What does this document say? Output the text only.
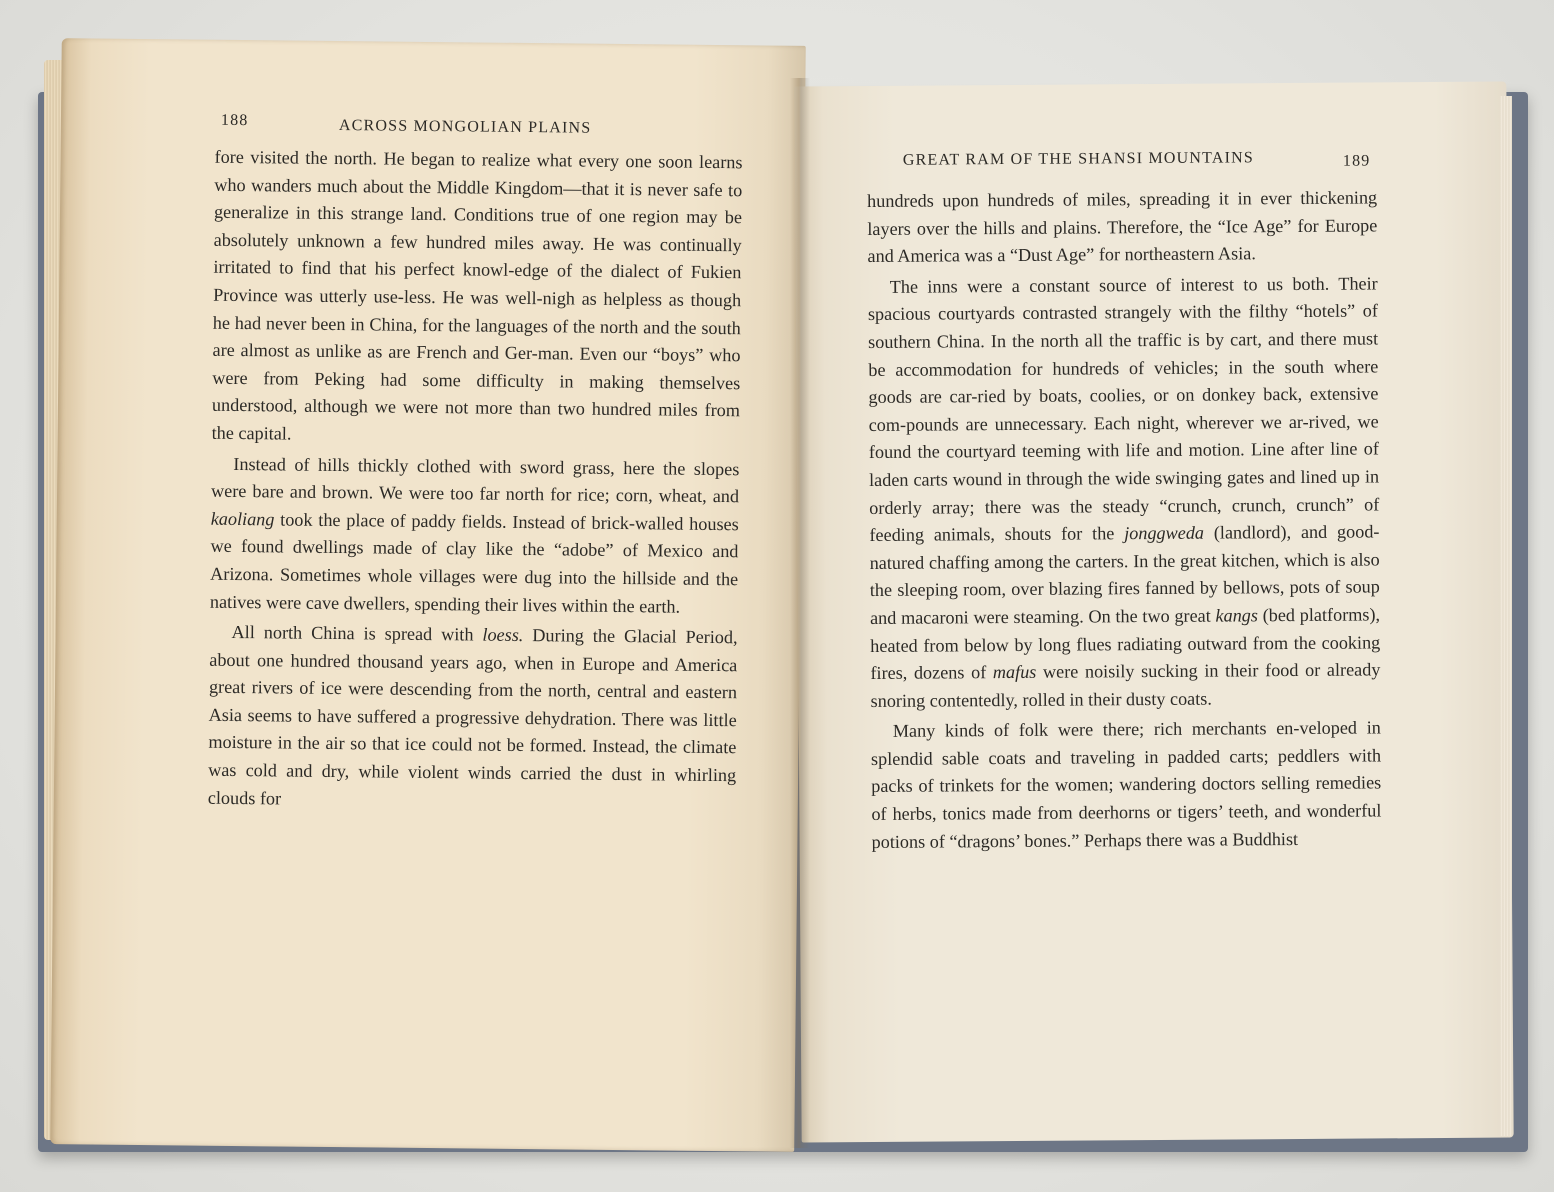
188	ACROSS MONGOLIAN PLAINS

fore visited the north. He began to realize what every one soon learns who wanders much about the Middle Kingdom—that it is never safe to generalize in this strange land. Conditions true of one region may be absolutely unknown a few hundred miles away. He was continually irritated to find that his perfect knowl-edge of the dialect of Fukien Province was utterly use-less. He was well-nigh as helpless as though he had never been in China, for the languages of the north and the south are almost as unlike as are French and Ger-man. Even our “boys” who were from Peking had some difficulty in making themselves understood, although we were not more than two hundred miles from the capital.

Instead of hills thickly clothed with sword grass, here the slopes were bare and brown. We were too far north for rice; corn, wheat, and kaoliang took the place of paddy fields. Instead of brick-walled houses we found dwellings made of clay like the “adobe” of Mexico and Arizona. Sometimes whole villages were dug into the hillside and the natives were cave dwellers, spending their lives within the earth.

All north China is spread with loess. During the Glacial Period, about one hundred thousand years ago, when in Europe and America great rivers of ice were descending from the north, central and eastern Asia seems to have suffered a progressive dehydration. There was little moisture in the air so that ice could not be formed. Instead, the climate was cold and dry, while violent winds carried the dust in whirling clouds for

GREAT RAM OF THE SHANSI MOUNTAINS	189

hundreds upon hundreds of miles, spreading it in ever thickening layers over the hills and plains. Therefore, the “Ice Age” for Europe and America was a “Dust Age” for northeastern Asia.

The inns were a constant source of interest to us both. Their spacious courtyards contrasted strangely with the filthy “hotels” of southern China. In the north all the traffic is by cart, and there must be accommodation for hundreds of vehicles; in the south where goods are car-ried by boats, coolies, or on donkey back, extensive com-pounds are unnecessary. Each night, wherever we ar-rived, we found the courtyard teeming with life and motion. Line after line of laden carts wound in through the wide swinging gates and lined up in orderly array; there was the steady “crunch, crunch, crunch” of feeding animals, shouts for the jonggweda (landlord), and good-natured chaffing among the carters. In the great kitchen, which is also the sleeping room, over blazing fires fanned by bellows, pots of soup and macaroni were steaming. On the two great kangs (bed platforms), heated from below by long flues radiating outward from the cooking fires, dozens of mafus were noisily sucking in their food or already snoring contentedly, rolled in their dusty coats.

Many kinds of folk were there; rich merchants en-veloped in splendid sable coats and traveling in padded carts; peddlers with packs of trinkets for the women; wandering doctors selling remedies of herbs, tonics made from deerhorns or tigers’ teeth, and wonderful potions of “dragons’ bones.” Perhaps there was a Buddhist
